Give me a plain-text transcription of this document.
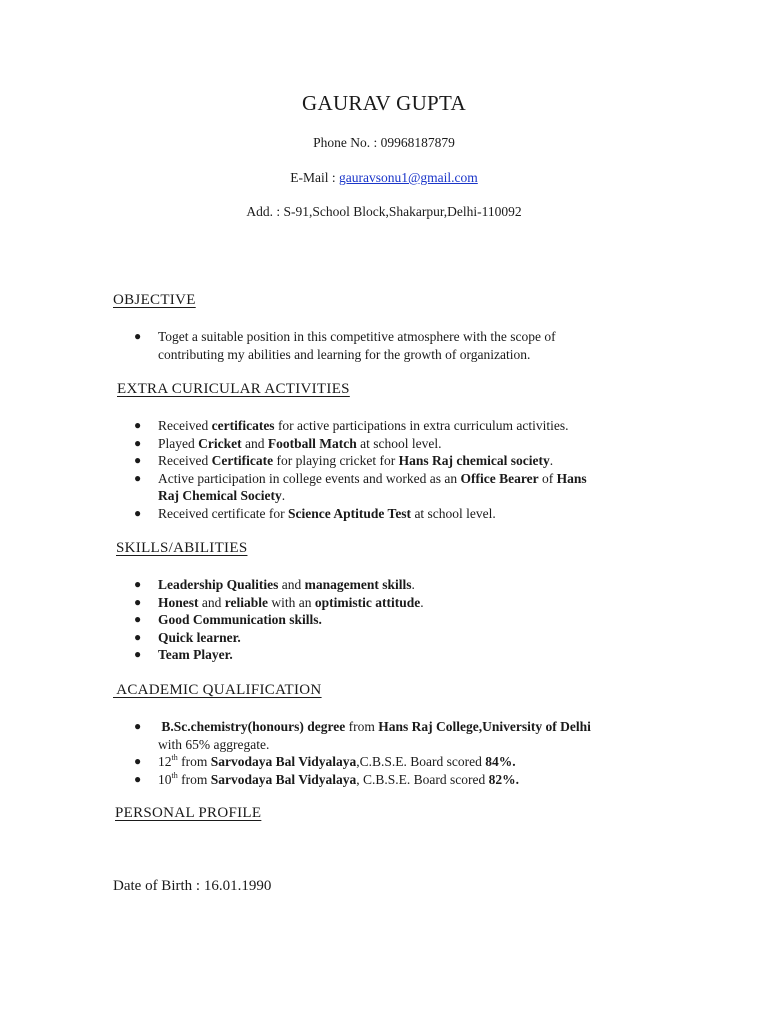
GAURAV GUPTA
Phone No. : 09968187879
E-Mail : gauravsonu1@gmail.com
Add. : S-91,School Block,Shakarpur,Delhi-110092
OBJECTIVE
● Toget a suitable position in this competitive atmosphere with the scope of
contributing my abilities and learning for the growth of organization.
EXTRA CURICULAR ACTIVITIES
● Received certificates for active participations in extra curriculum activities.
● Played Cricket and Football Match at school level.
● Received Certificate for playing cricket for Hans Raj chemical society.
● Active participation in college events and worked as an Office Bearer of Hans
Raj Chemical Society.
● Received certificate for Science Aptitude Test at school level.
SKILLS/ABILITIES
● Leadership Qualities and management skills.
● Honest and reliable with an optimistic attitude.
● Good Communication skills.
● Quick learner.
● Team Player.
ACADEMIC QUALIFICATION
● B.Sc.chemistry(honours) degree from Hans Raj College,University of Delhi
with 65% aggregate.
● 12th from Sarvodaya Bal Vidyalaya,C.B.S.E. Board scored 84%.
● 10th from Sarvodaya Bal Vidyalaya, C.B.S.E. Board scored 82%.
PERSONAL PROFILE
Date of Birth : 16.01.1990
